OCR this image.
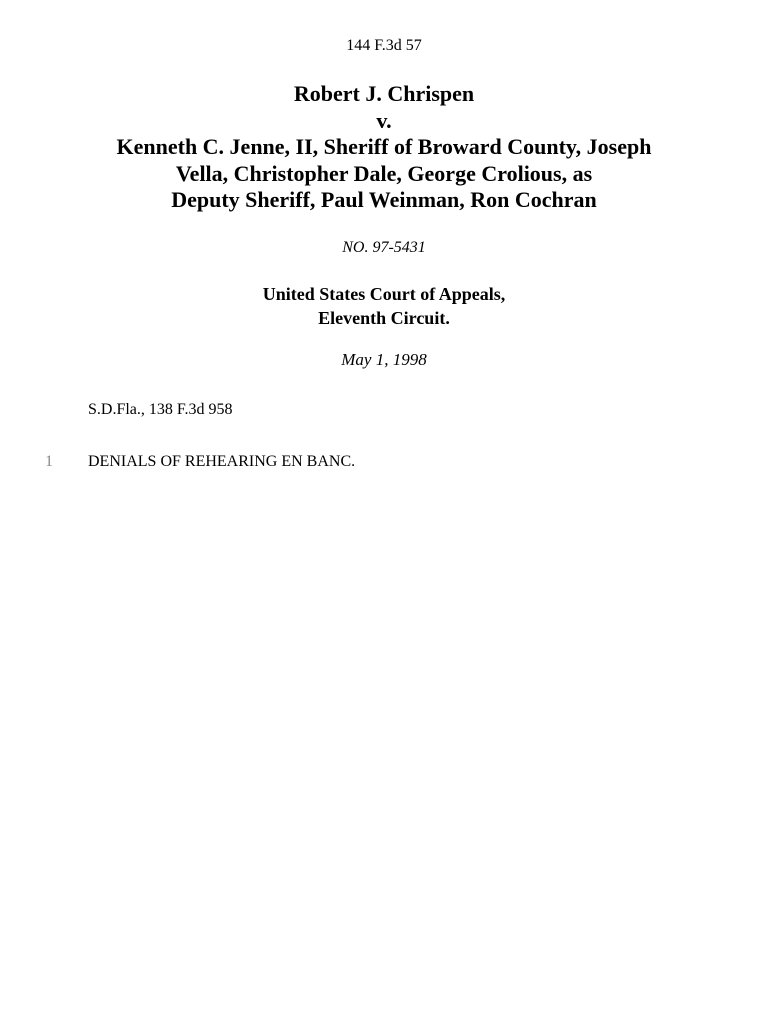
144 F.3d 57
Robert J. Chrispen
v.
Kenneth C. Jenne, II, Sheriff of Broward County, Joseph
Vella, Christopher Dale, George Crolious, as
Deputy Sheriff, Paul Weinman, Ron Cochran
NO. 97-5431
United States Court of Appeals,
Eleventh Circuit.
May 1, 1998
S.D.Fla., 138 F.3d 958
1 DENIALS OF REHEARING EN BANC.
